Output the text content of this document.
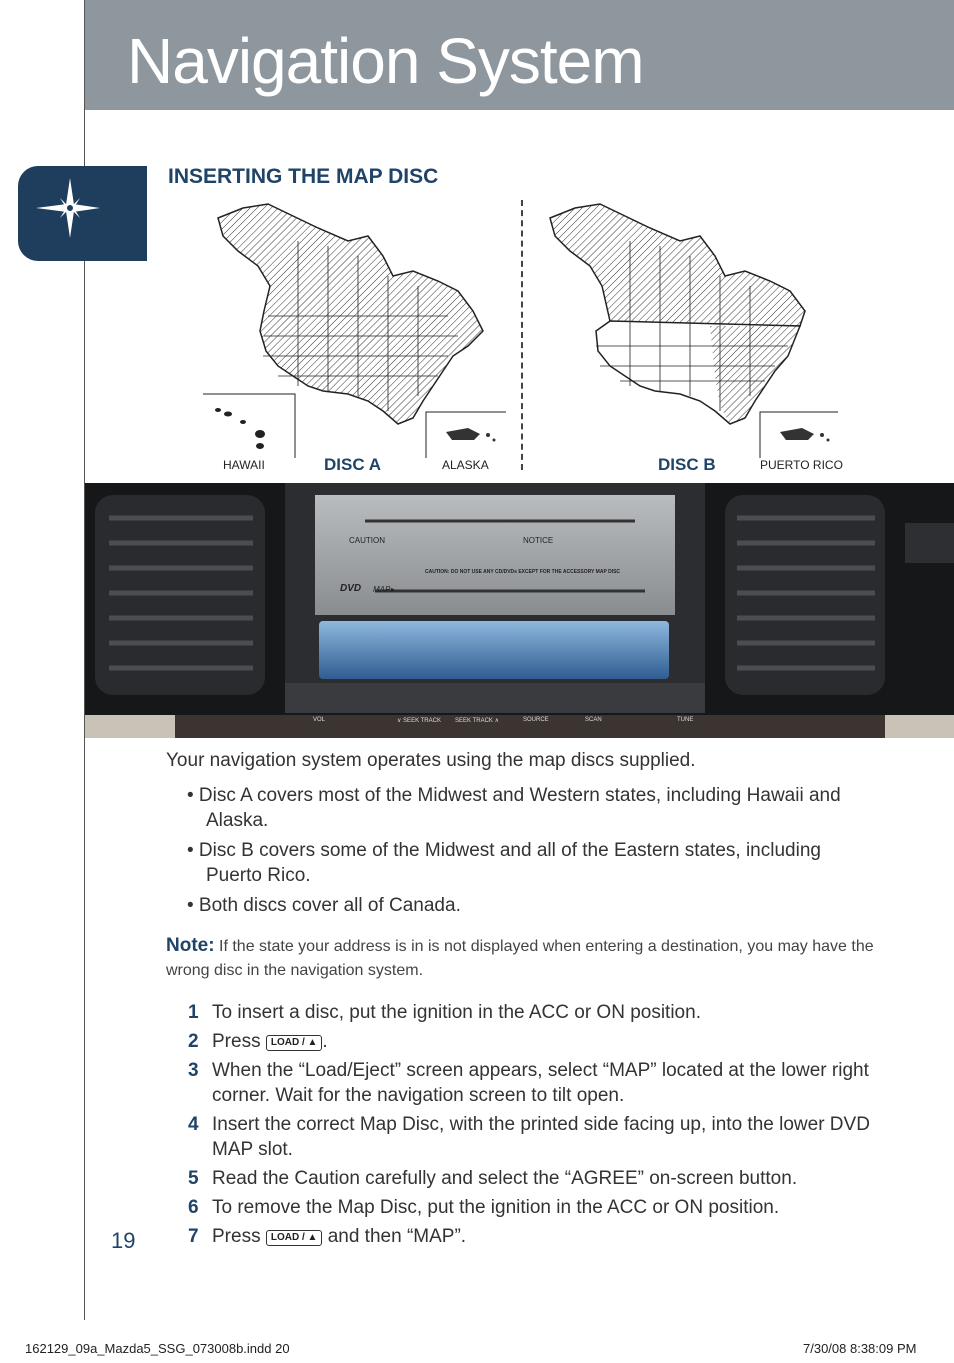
Navigation System
INSERTING THE MAP DISC
HAWAII	DISC A	ALASKA	DISC B	PUERTO RICO
CAUTION	NOTICE
CAUTION: DO NOT USE ANY CD/DVDs EXCEPT FOR THE ACCESSORY MAP DISC
DVD MAP▸
VOL	∨ SEEK TRACK SEEK TRACK ∧	SOURCE	SCAN	TUNE
Your navigation system operates using the map discs supplied.
• Disc A covers most of the Midwest and Western states, including Hawaii and Alaska.
• Disc B covers some of the Midwest and all of the Eastern states, including Puerto Rico.
• Both discs cover all of Canada.
Note: If the state your address is in is not displayed when entering a destination, you may have the wrong disc in the navigation system.
1 To insert a disc, put the ignition in the ACC or ON position.
2 Press LOAD / ▲ .
3 When the “Load/Eject” screen appears, select “MAP” located at the lower right corner. Wait for the navigation screen to tilt open.
4 Insert the correct Map Disc, with the printed side facing up, into the lower DVD MAP slot.
5 Read the Caution carefully and select the “AGREE” on-screen button.
6 To remove the Map Disc, put the ignition in the ACC or ON position.
7 Press LOAD / ▲ and then “MAP”.
19
162129_09a_Mazda5_SSG_073008b.indd 20	7/30/08 8:38:09 PM
